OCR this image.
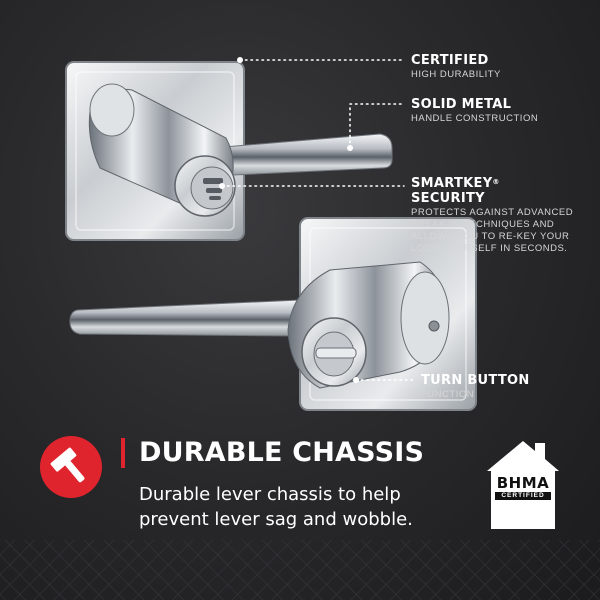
CERTIFIED
HIGH DURABILITY
SOLID METAL
HANDLE CONSTRUCTION
SMARTKEY®
SECURITY
PROTECTS AGAINST ADVANCED BREAK-IN TECHNIQUES AND ALLOWS YOU TO RE-KEY YOUR LOCK YOURSELF IN SECONDS.
TURN BUTTON
FUNCTION
DURABLE CHASSIS
Durable lever chassis to help prevent lever sag and wobble.
BHMA
CERTIFIED
